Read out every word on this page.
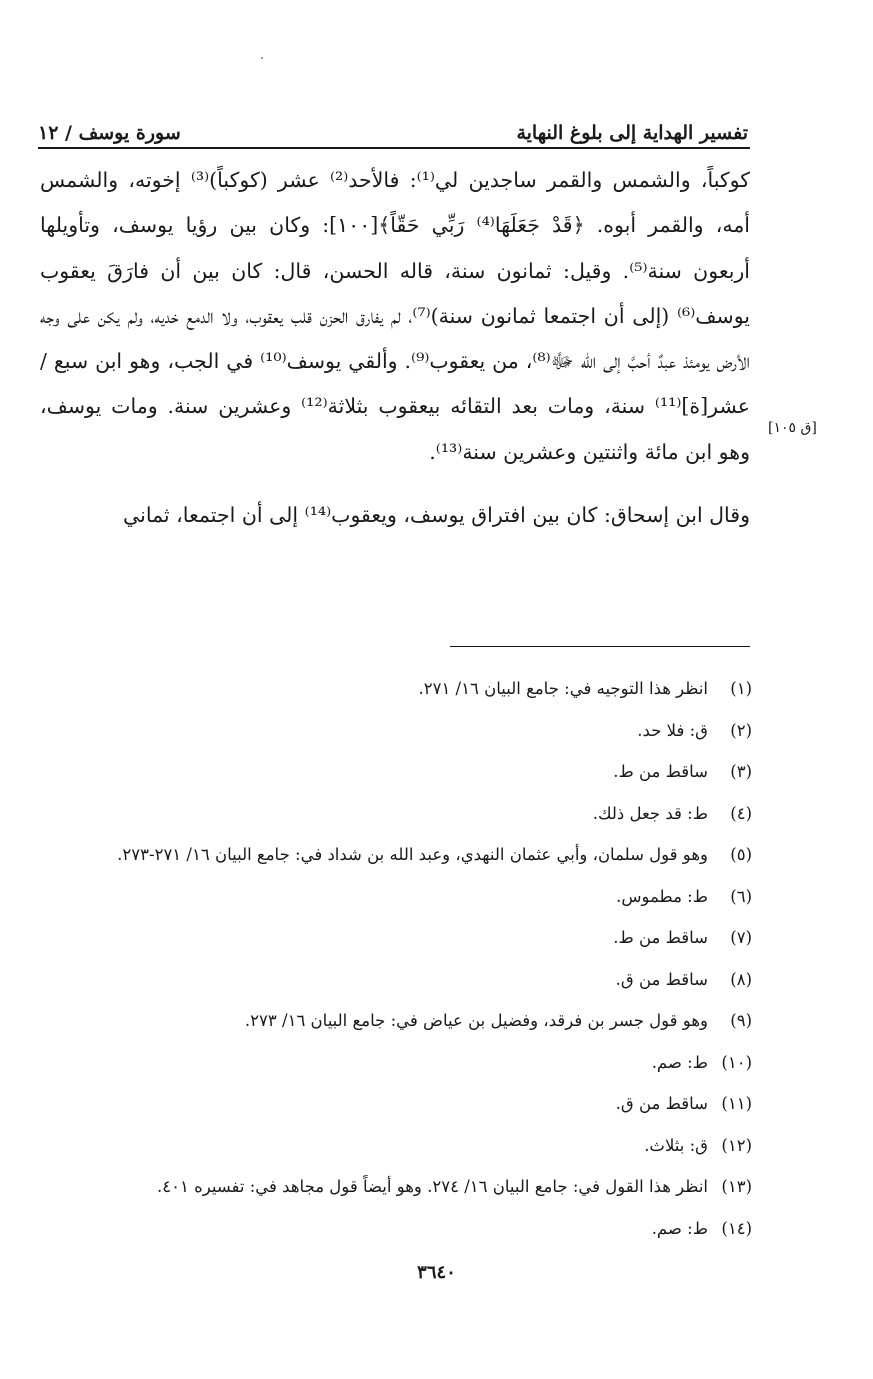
تفسير الهداية إلى بلوغ النهاية
سورة يوسف / ١٢
[ق ١٠٥]

كوكباً، والشمس والقمر ساجدين لي⁽¹⁾: فالأحد⁽²⁾ عشر (كوكباً)⁽³⁾ إخوته، والشمس أمه، والقمر أبوه. ﴿قَدْ جَعَلَهَا⁽⁴⁾ رَبِّي حَقّاً﴾[١٠٠]: وكان بين رؤيا يوسف، وتأويلها أربعون سنة⁽⁵⁾. وقيل: ثمانون سنة، قاله الحسن، قال: كان بين أن فارَقَ يعقوب يوسف⁽⁶⁾ (إلى أن اجتمعا ثمانون سنة)⁽⁷⁾، لم يفارق الحزن قلب يعقوب، ولا الدمع خديه، ولم يكن على وجه الأرض يومئذ عبدٌ أحبَّ إلى الله ﷻ⁽⁸⁾، من يعقوب⁽⁹⁾. وألقي يوسف⁽¹⁰⁾ في الجب، وهو ابن سبع / عشر[ة]⁽¹¹⁾ سنة، ومات بعد التقائه بيعقوب بثلاثة⁽¹²⁾ وعشرين سنة. ومات يوسف، وهو ابن مائة واثنتين وعشرين سنة⁽¹³⁾.

وقال ابن إسحاق: كان بين افتراق يوسف، ويعقوب⁽¹⁴⁾ إلى أن اجتمعا، ثماني

(١)انظر هذا التوجيه في: جامع البيان ١٦/ ٢٧١.
(٢)ق: فلا حد.
(٣)ساقط من ط.
(٤)ط: قد جعل ذلك.
(٥)وهو قول سلمان، وأبي عثمان النهدي، وعبد الله بن شداد في: جامع البيان ١٦/ ٢٧١-٢٧٣.
(٦)ط: مطموس.
(٧)ساقط من ط.
(٨)ساقط من ق.
(٩)وهو قول جسر بن فرقد، وفضيل بن عياض في: جامع البيان ١٦/ ٢٧٣.
(١٠)ط: صم.
(١١)ساقط من ق.
(١٢)ق: بثلاث.
(١٣)انظر هذا القول في: جامع البيان ١٦/ ٢٧٤. وهو أيضاً قول مجاهد في: تفسيره ٤٠١.
(١٤)ط: صم.
٣٦٤٠
